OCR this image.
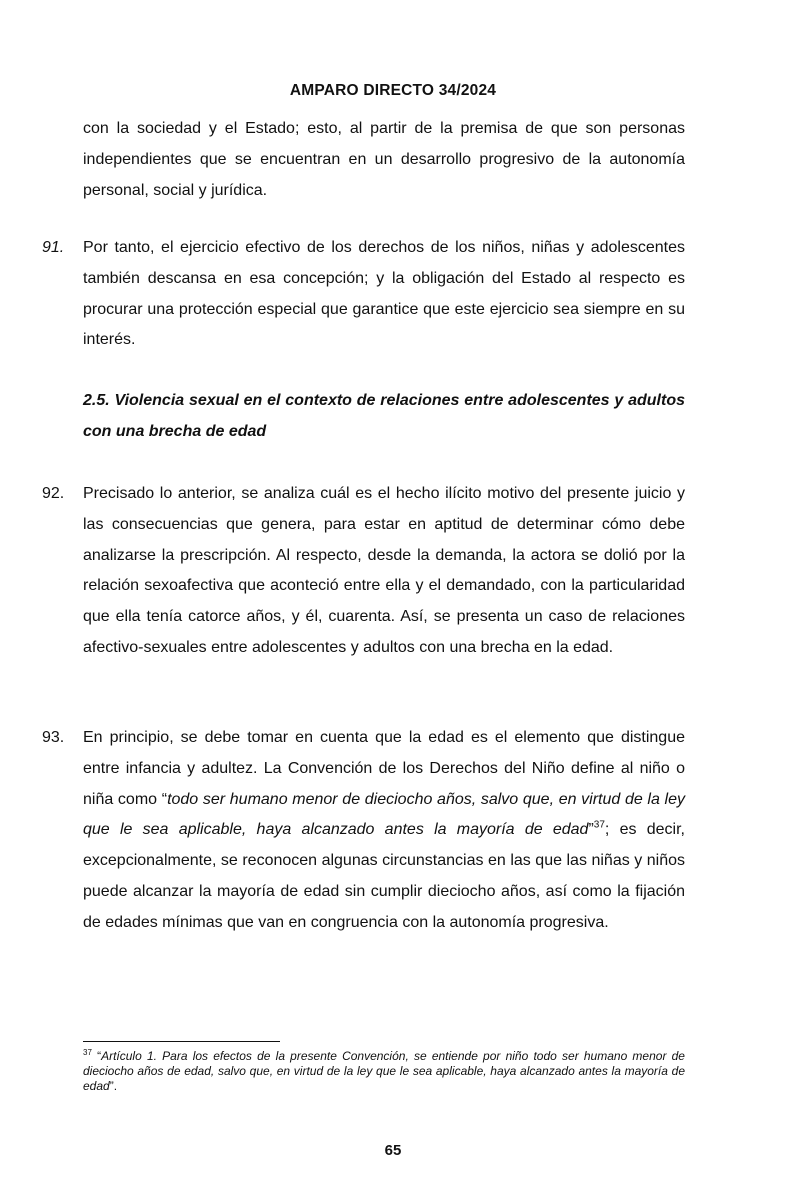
AMPARO DIRECTO 34/2024
con la sociedad y el Estado; esto, al partir de la premisa de que son personas independientes que se encuentran en un desarrollo progresivo de la autonomía personal, social y jurídica.
91. Por tanto, el ejercicio efectivo de los derechos de los niños, niñas y adolescentes también descansa en esa concepción; y la obligación del Estado al respecto es procurar una protección especial que garantice que este ejercicio sea siempre en su interés.
2.5. Violencia sexual en el contexto de relaciones entre adolescentes y adultos con una brecha de edad
92. Precisado lo anterior, se analiza cuál es el hecho ilícito motivo del presente juicio y las consecuencias que genera, para estar en aptitud de determinar cómo debe analizarse la prescripción. Al respecto, desde la demanda, la actora se dolió por la relación sexoafectiva que aconteció entre ella y el demandado, con la particularidad que ella tenía catorce años, y él, cuarenta. Así, se presenta un caso de relaciones afectivo-sexuales entre adolescentes y adultos con una brecha en la edad.
93. En principio, se debe tomar en cuenta que la edad es el elemento que distingue entre infancia y adultez. La Convención de los Derechos del Niño define al niño o niña como “todo ser humano menor de dieciocho años, salvo que, en virtud de la ley que le sea aplicable, haya alcanzado antes la mayoría de edad”$^{37}$; es decir, excepcionalmente, se reconocen algunas circunstancias en las que las niñas y niños puede alcanzar la mayoría de edad sin cumplir dieciocho años, así como la fijación de edades mínimas que van en congruencia con la autonomía progresiva.
$^{37}$ “Artículo 1. Para los efectos de la presente Convención, se entiende por niño todo ser humano menor de dieciocho años de edad, salvo que, en virtud de la ley que le sea aplicable, haya alcanzado antes la mayoría de edad”.
65
